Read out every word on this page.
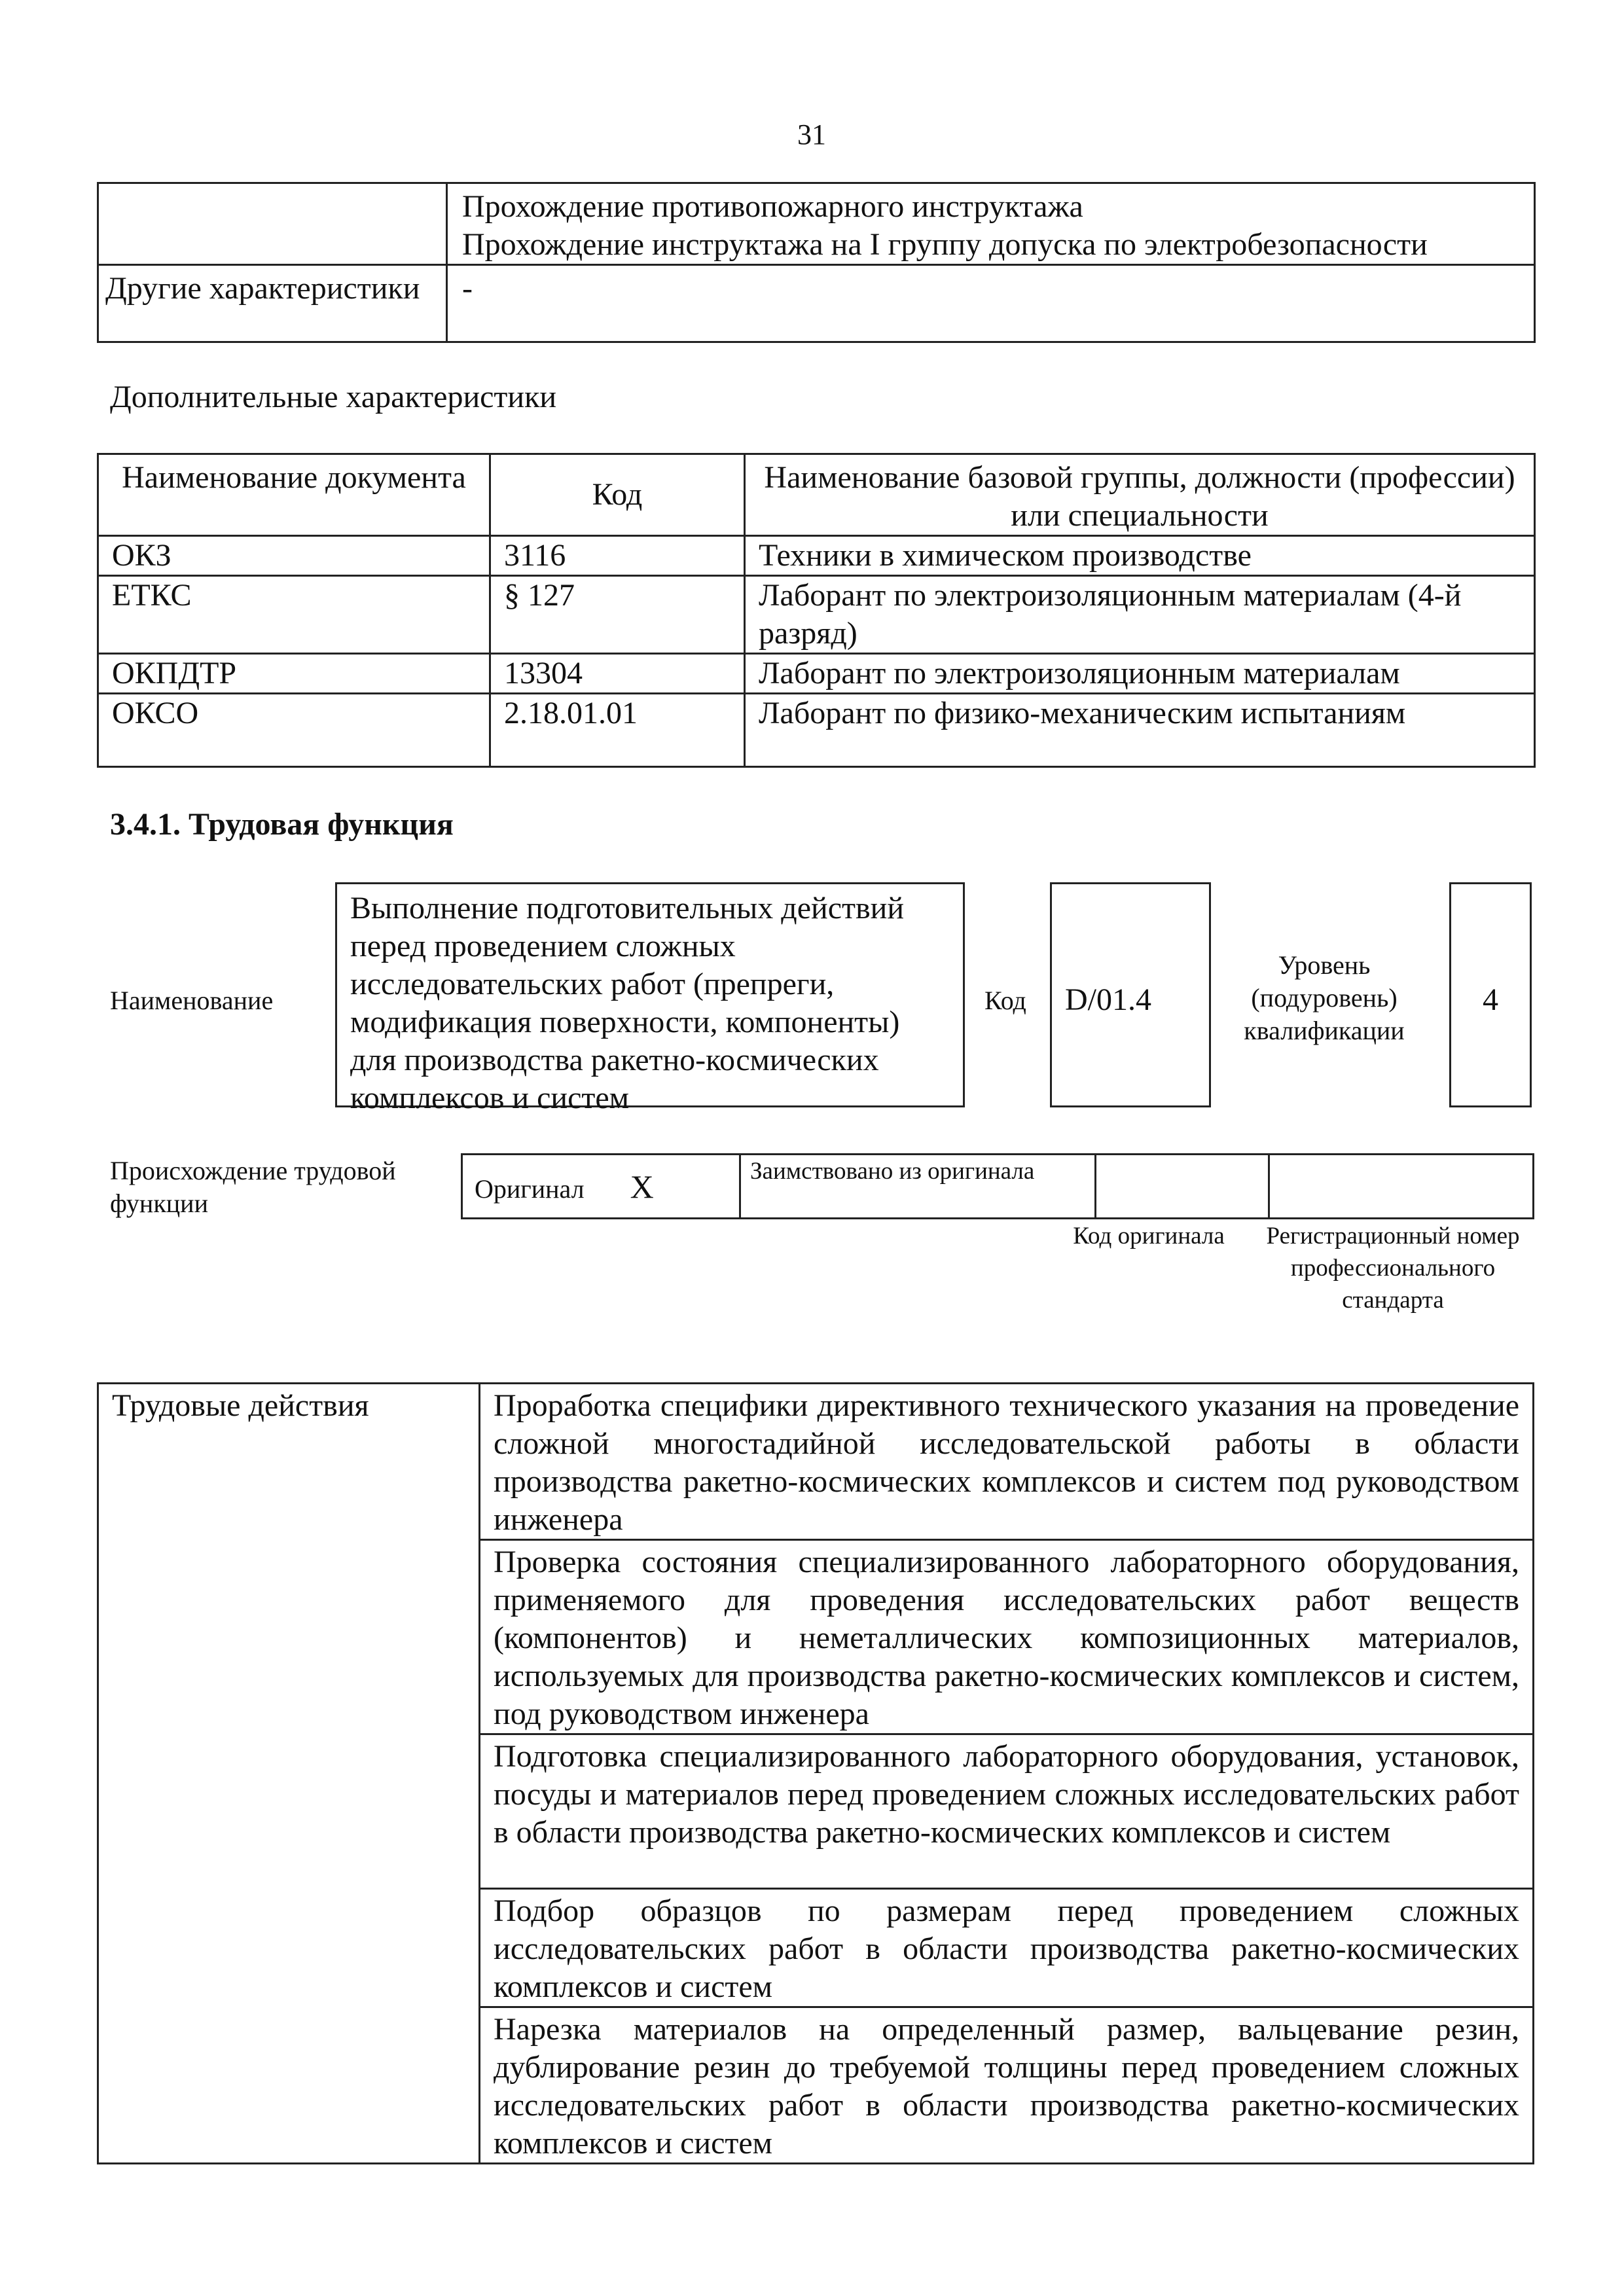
31

	Прохождение противопожарного инструктажа
Прохождение инструктажа на I группу допуска по электробезопасности

Другие характеристики	-
Дополнительные характеристики
Наименование документа	Код	Наименование базовой группы, должности (профессии) или специальности
ОКЗ	3116	Техники в химическом производстве
ЕТКС	§ 127	Лаборант по электроизоляционным материалам (4-й разряд)
ОКПДТР	13304	Лаборант по электроизоляционным материалам
ОКСО	2.18.01.01	Лаборант по физико-механическим испытаниям
3.4.1. Трудовая функция
Наименование
Выполнение подготовительных действий перед проведением сложных исследовательских работ (препреги, модификация поверхности, компоненты) для производства ракетно-космических комплексов и систем
Код D/01.4
Уровень (подуровень) квалификации
4
Происхождение трудовой функции	Оригинал X	Заимствовано из оригинала		
Код оригинала	Регистрационный номер профессионального стандарта
Трудовые действия	Проработка специфики директивного технического указания на проведение сложной многостадийной исследовательской работы в области производства ракетно-космических комплексов и систем под руководством инженера
Проверка состояния специализированного лабораторного оборудования, применяемого для проведения исследовательских работ веществ (компонентов) и неметаллических композиционных материалов, используемых для производства ракетно-космических комплексов и систем, под руководством инженера
Подготовка специализированного лабораторного оборудования, установок, посуды и материалов перед проведением сложных исследовательских работ в области производства ракетно-космических комплексов и систем
Подбор образцов по размерам перед проведением сложных исследовательских работ в области производства ракетно-космических комплексов и систем
Нарезка материалов на определенный размер, вальцевание резин, дублирование резин до требуемой толщины перед проведением сложных исследовательских работ в области производства ракетно-космических комплексов и систем
